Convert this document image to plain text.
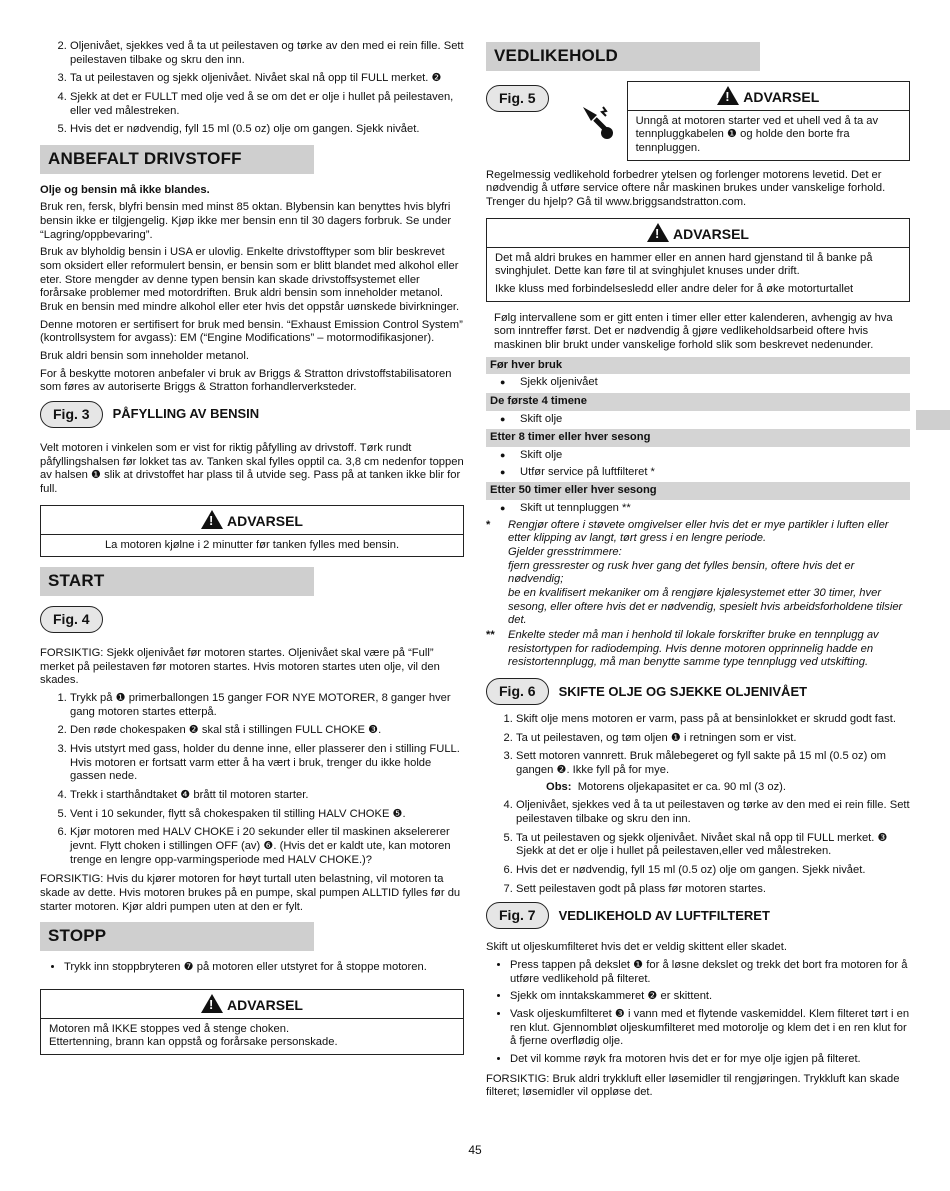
2. Oljenivået, sjekkes ved å ta ut peilestaven og tørke av den med ei rein fille. Sett peilestaven tilbake og skru den inn.
3. Ta ut peilestaven og sjekk oljenivået. Nivået skal nå opp til FULL merket. ❷
4. Sjekk at det er FULLT med olje ved å se om det er olje i hullet på peilestaven, eller ved målestreken.
5. Hvis det er nødvendig, fyll 15 ml (0.5 oz) olje om gangen. Sjekk nivået.
ANBEFALT DRIVSTOFF

Olje og bensin må ikke blandes.

Bruk ren, fersk, blyfri bensin med minst 85 oktan. Blybensin kan benyttes hvis blyfri bensin ikke er tilgjengelig. Kjøp ikke mer bensin enn til 30 dagers forbruk. Se under “Lagring/oppbevaring”.

Bruk av blyholdig bensin i USA er ulovlig. Enkelte drivstofftyper som blir beskrevet som oksidert eller reformulert bensin, er bensin som er blitt blandet med alkohol eller eter. Store mengder av denne typen bensin kan skade drivstoffsystemet eller forårsake problemer med motordriften. Bruk aldri bensin som inneholder metanol. Bruk en bensin med mindre alkohol eller eter hvis det oppstår uønskede bivirkninger.

Denne motoren er sertifisert for bruk med bensin. “Exhaust Emission Control System” (kontrollsystem for avgass): EM (“Engine Modifications” – motormodifikasjoner).

Bruk aldri bensin som inneholder metanol.

For å beskytte motoren anbefaler vi bruk av Briggs & Stratton drivstoffstabilisatoren som føres av autoriserte Briggs & Stratton forhandlerverksteder.

Fig. 3	PÅFYLLING AV BENSIN

Velt motoren i vinkelen som er vist for riktig påfylling av drivstoff. Tørk rundt påfyllingshalsen før lokket tas av. Tanken skal fylles opptil ca. 3,8 cm nedenfor toppen av halsen ❶ slik at drivstoffet har plass til å utvide seg. Pass på at tanken ikke blir for full.

!ADVARSEL
La motoren kjølne i 2 minutter før tanken fylles med bensin.
START
Fig. 4

FORSIKTIG: Sjekk oljenivået før motoren startes. Oljenivået skal være på “Full” merket på peilestaven før motoren startes. Hvis motoren startes uten olje, vil den skades.

1. Trykk på ❶ primerballongen 15 ganger FOR NYE MOTORER, 8 ganger hver gang motoren startes etterpå.
2. Den røde chokespaken ❷ skal stå i stillingen FULL CHOKE ❸.
3. Hvis utstyrt med gass, holder du denne inne, eller plasserer den i stilling FULL. Hvis motoren er fortsatt varm etter å ha vært i bruk, trenger du ikke holde gassen nede.
4. Trekk i starthåndtaket ❹ brått til motoren starter.
5. Vent i 10 sekunder, flytt så chokespaken til stilling HALV CHOKE ❺.
6. Kjør motoren med HALV CHOKE i 20 sekunder eller til maskinen akselererer jevnt. Flytt choken i stillingen OFF (av) ❻. (Hvis det er kaldt ute, kan motoren trenge en lengre opp-varmingsperiode med HALV CHOKE.)?

FORSIKTIG: Hvis du kjører motoren for høyt turtall uten belastning, vil motoren ta skade av dette. Hvis motoren brukes på en pumpe, skal pumpen ALLTID fylles før du starter motoren. Kjør aldri pumpen uten at den er fylt.

STOPP
• Trykk inn stoppbryteren ❼ på motoren eller utstyret for å stoppe motoren.
!ADVARSEL
Motoren må IKKE stoppes ved å stenge choken.
Ettertenning, brann kan oppstå og forårsake personskade.
VEDLIKEHOLD
Fig. 5
!	ADVARSEL
Unngå at motoren starter ved et uhell ved å ta av tennpluggkabelen ❶ og holde den borte fra tennpluggen.

Regelmessig vedlikehold forbedrer ytelsen og forlenger motorens levetid. Det er nødvendig å utføre service oftere når maskinen brukes under vanskelige forhold. Trenger du hjelp? Gå til www.briggsandstratton.com.

!ADVARSEL

Det må aldri brukes en hammer eller en annen hard gjenstand til å banke på svinghjulet. Dette kan føre til at svinghjulet knuses under drift.

Ikke kluss med forbindelsesledd eller andre deler for å øke motorturtallet

Følg intervallene som er gitt enten i timer eller etter kalenderen, avhengig av hva som inntreffer først. Det er nødvendig å gjøre vedlikeholdsarbeid oftere hvis maskinen blir brukt under vanskelige forhold slik som beskrevet nedenunder.

Før hver bruk
● Sjekk oljenivået
De første 4 timene
● Skift olje
Etter 8 timer eller hver sesong
● Skift olje
● Utfør service på luftfilteret *
Etter 50 timer eller hver sesong
● Skift ut tennpluggen **
* Rengjør oftere i støvete omgivelser eller hvis det er mye partikler i luften eller etter klipping av langt, tørt gress i en lengre periode.
Gjelder gresstrimmere:
fjern gressrester og rusk hver gang det fylles bensin, oftere hvis det er nødvendig;
be en kvalifisert mekaniker om å rengjøre kjølesystemet etter 30 timer, hver sesong, eller oftere hvis det er nødvendig, spesielt hvis arbeidsforholdene tilsier det.
** Enkelte steder må man i henhold til lokale forskrifter bruke en tennplugg av resistortypen for radiodemping. Hvis denne motoren opprinnelig hadde en resistortennplugg, må man benytte samme type tennplugg ved utskifting.
Fig. 6	SKIFTE OLJE OG SJEKKE OLJENIVÅET
1. Skift olje mens motoren er varm, pass på at bensinlokket er skrudd godt fast.
2. Ta ut peilestaven, og tøm oljen ❶ i retningen som er vist.
3. Sett motoren vannrett. Bruk målebegeret og fyll sakte på 15 ml (0.5 oz) om gangen ❷. Ikke fyll på for mye.
Obs: Motorens oljekapasitet er ca. 90 ml (3 oz).
4. Oljenivået, sjekkes ved å ta ut peilestaven og tørke av den med ei rein fille. Sett peilestaven tilbake og skru den inn.
5. Ta ut peilestaven og sjekk oljenivået. Nivået skal nå opp til FULL merket. ❸ Sjekk at det er olje i hullet på peilestaven,eller ved målestreken.
6. Hvis det er nødvendig, fyll 15 ml (0.5 oz) olje om gangen. Sjekk nivået.
7. Sett peilestaven godt på plass før motoren startes.
Fig. 7	VEDLIKEHOLD AV LUFTFILTERET

Skift ut oljeskumfilteret hvis det er veldig skittent eller skadet.

• Press tappen på dekslet ❶ for å løsne dekslet og trekk det bort fra motoren for å utføre vedlikehold på filteret.
• Sjekk om inntakskammeret ❷ er skittent.
• Vask oljeskumfilteret ❸ i vann med et flytende vaskemiddel. Klem filteret tørt i en ren klut. Gjennombløt oljeskumfilteret med motorolje og klem det i en ren klut for å fjerne overflødig olje.
• Det vil komme røyk fra motoren hvis det er for mye olje igjen på filteret.

FORSIKTIG: Bruk aldri trykkluft eller løsemidler til rengjøringen. Trykkluft kan skade filteret; løsemidler vil oppløse det.

45
